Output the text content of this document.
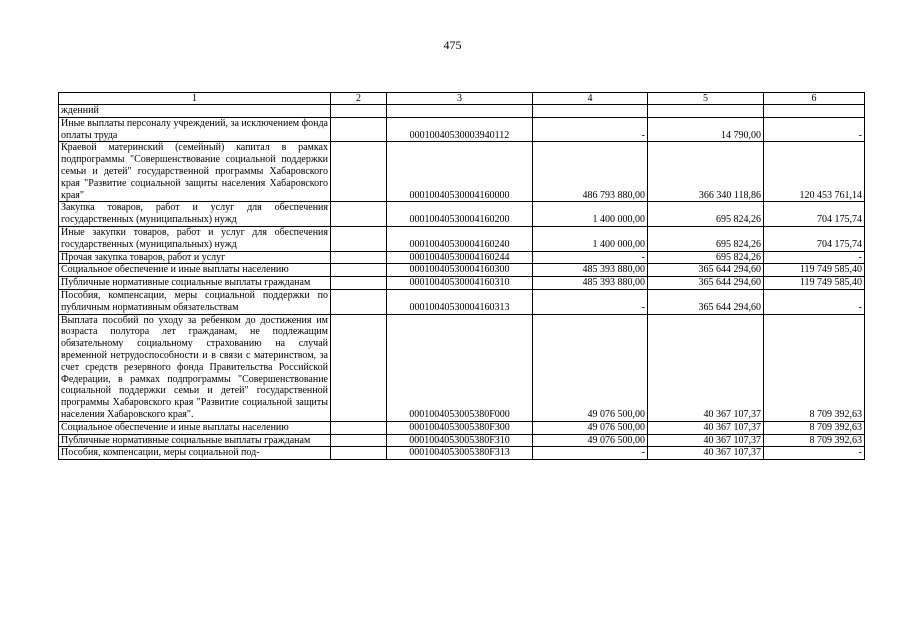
475
1	2	3	4	5	6
жденний					
Иные выплаты персоналу учреждений, за исключением фонда оплаты труда		00010040530003940112	-	14 790,00	-
Краевой материнский (семейный) капитал в рамках подпрограммы "Совершенствование социальной поддержки семьи и детей" государственной программы Хабаровского края "Развитие социальной защиты населения Хабаровского края"		00010040530004160000	486 793 880,00	366 340 118,86	120 453 761,14
Закупка товаров, работ и услуг для обеспечения государственных (муниципальных) нужд		00010040530004160200	1 400 000,00	695 824,26	704 175,74
Иные закупки товаров, работ и услуг для обеспечения государственных (муниципальных) нужд		00010040530004160240	1 400 000,00	695 824,26	704 175,74
Прочая закупка товаров, работ и услуг		00010040530004160244	-	695 824,26	-
Социальное обеспечение и иные выплаты населению		00010040530004160300	485 393 880,00	365 644 294,60	119 749 585,40
Публичные нормативные социальные выплаты гражданам		00010040530004160310	485 393 880,00	365 644 294,60	119 749 585,40
Пособия, компенсации, меры социальной поддержки по публичным нормативным обязательствам		00010040530004160313	-	365 644 294,60	-
Выплата пособий по уходу за ребенком до достижения им возраста полутора лет гражданам, не подлежащим обязательному социальному страхованию на случай временной нетрудоспособности и в связи с материнством, за счет средств резервного фонда Правительства Российской Федерации, в рамках подпрограммы "Совершенствование социальной поддержки семьи и детей" государственной программы Хабаровского края "Развитие социальной защиты населения Хабаровского края".		0001004053005380F000	49 076 500,00	40 367 107,37	8 709 392,63
Социальное обеспечение и иные выплаты населению		0001004053005380F300	49 076 500,00	40 367 107,37	8 709 392,63
Публичные нормативные социальные выплаты гражданам		0001004053005380F310	49 076 500,00	40 367 107,37	8 709 392,63
Пособия, компенсации, меры социальной под-		0001004053005380F313	-	40 367 107,37	-
